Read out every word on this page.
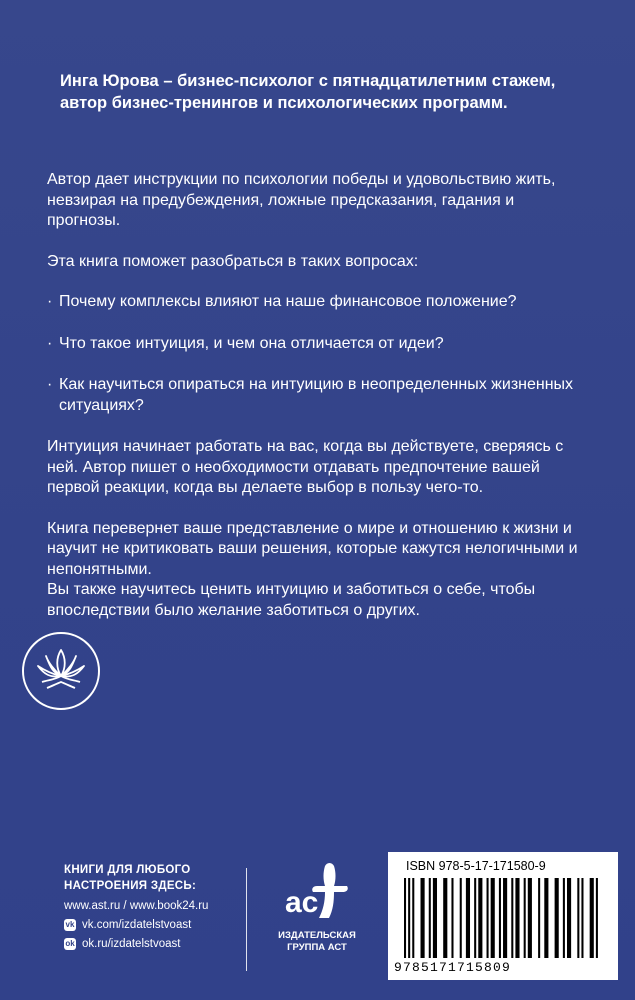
Инга Юрова – бизнес-психолог с пятнадцатилетним стажем, автор бизнес-тренингов и психологических программ.

Автор дает инструкции по психологии победы и удовольствию жить, невзирая на предубеждения, ложные предсказания, гадания и прогнозы.

Эта книга поможет разобраться в таких вопросах:

· Почему комплексы влияют на наше финансовое положение?
· Что такое интуиция, и чем она отличается от идеи?
· Как научиться опираться на интуицию в неопределенных жизненных ситуациях?

Интуиция начинает работать на вас, когда вы действуете, сверяясь с ней. Автор пишет о необходимости отдавать предпочтение вашей первой реакции, когда вы делаете выбор в пользу чего-то.

Книга перевернет ваше представление о мире и отношению к жизни и научит не критиковать ваши решения, которые кажутся нелогичными и непонятными.

Вы также научитесь ценить интуицию и заботиться о себе, чтобы впоследствии было желание заботиться о других.

КНИГИ ДЛЯ ЛЮБОГО
НАСТРОЕНИЯ ЗДЕСЬ:
www.ast.ru / www.book24.ru
vk vk.com/izdatelstvoast
ok ok.ru/izdatelstvoast
ac
ИЗДАТЕЛЬСКАЯ
ГРУППА АСТ
ISBN 978-5-17-171580-9
9785171715809
